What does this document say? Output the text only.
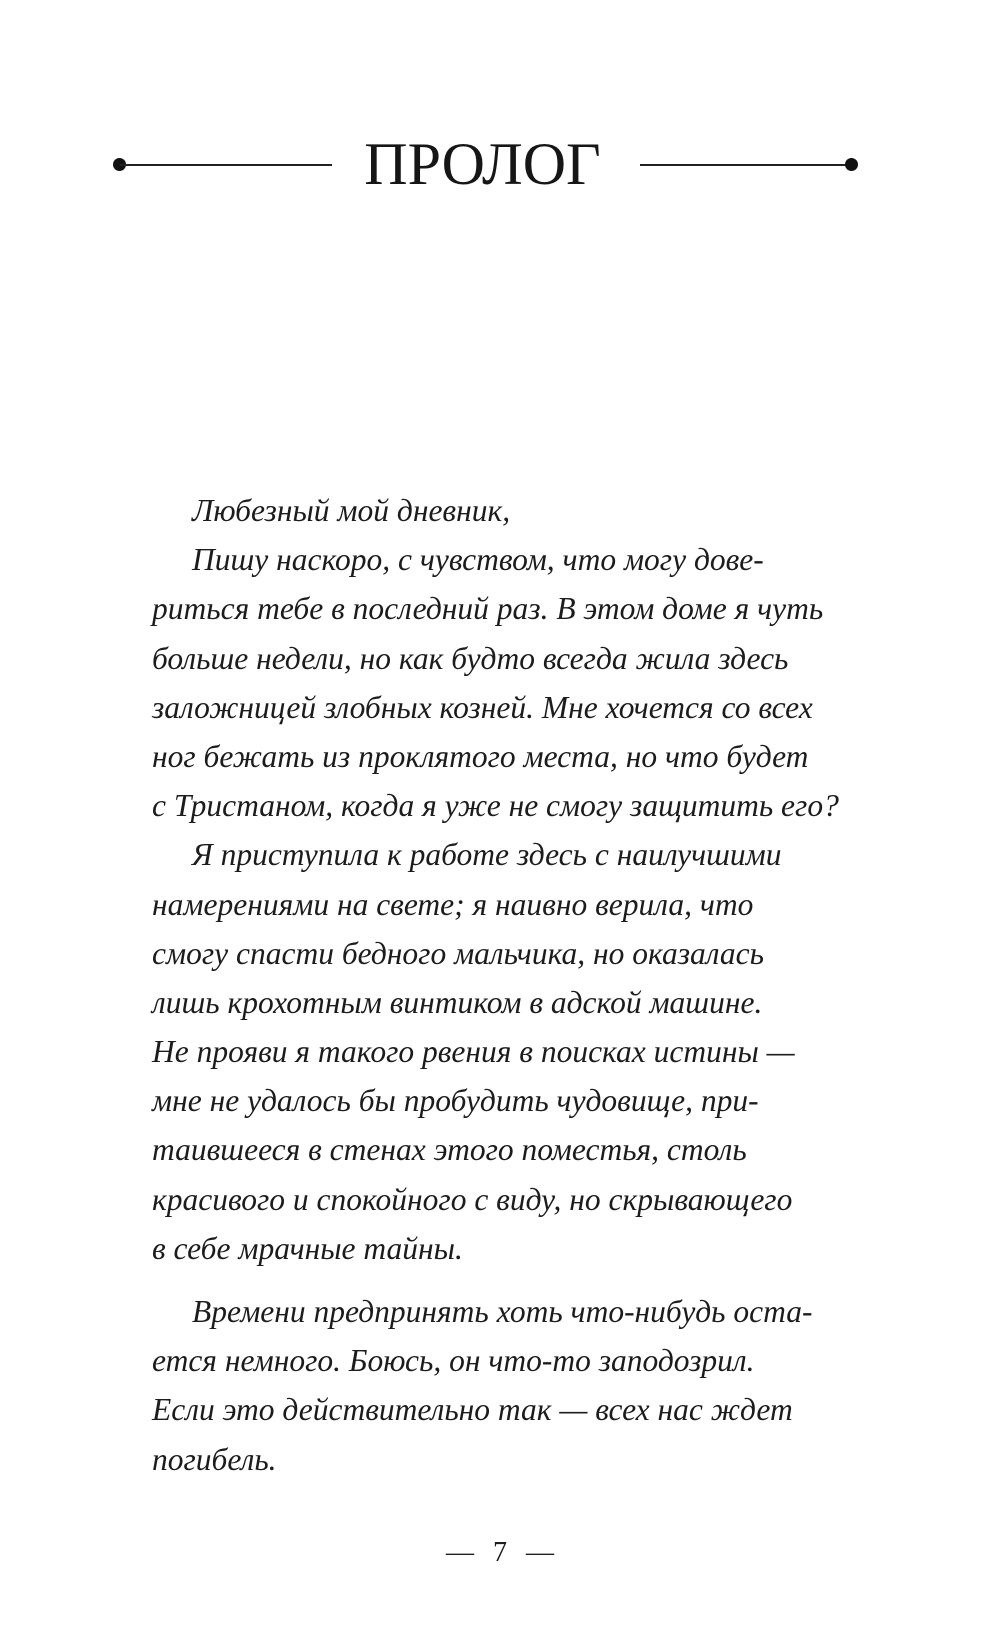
ПРОЛОГ
Любезный мой дневник,
Пишу наскоро, с чувством, что могу дове-
риться тебе в последний раз. В этом доме я чуть
больше недели, но как будто всегда жила здесь
заложницей злобных козней. Мне хочется со всех
ног бежать из проклятого места, но что будет
с Тристаном, когда я уже не смогу защитить его?
Я приступила к работе здесь с наилучшими
намерениями на свете; я наивно верила, что
смогу спасти бедного мальчика, но оказалась
лишь крохотным винтиком в адской машине.
Не прояви я такого рвения в поисках истины —
мне не удалось бы пробудить чудовище, при-
таившееся в стенах этого поместья, столь
красивого и спокойного с виду, но скрывающего
в себе мрачные тайны.
Времени предпринять хоть что-нибудь оста-
ется немного. Боюсь, он что-то заподозрил.
Если это действительно так — всех нас ждет
погибель.
— 7 —
